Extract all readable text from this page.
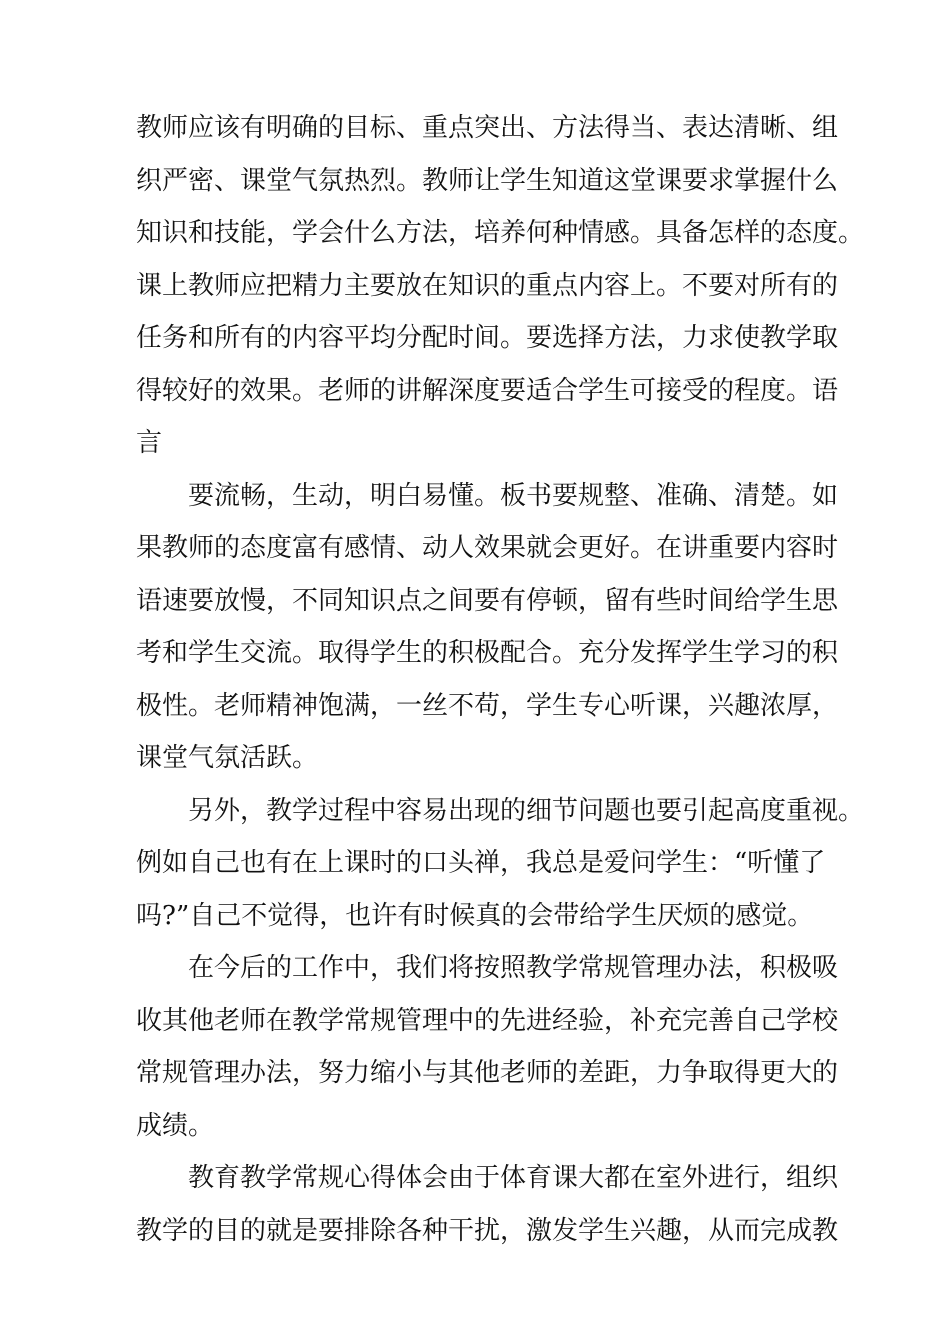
教师应该有明确的目标、重点突出、方法得当、表达清晰、组
织严密、课堂气氛热烈。教师让学生知道这堂课要求掌握什么
知识和技能，学会什么方法，培养何种情感。具备怎样的态度。
课上教师应把精力主要放在知识的重点内容上。不要对所有的
任务和所有的内容平均分配时间。要选择方法，力求使教学取
得较好的效果。老师的讲解深度要适合学生可接受的程度。语
言

要流畅，生动，明白易懂。板书要规整、准确、清楚。如
果教师的态度富有感情、动人效果就会更好。在讲重要内容时
语速要放慢，不同知识点之间要有停顿，留有些时间给学生思
考和学生交流。取得学生的积极配合。充分发挥学生学习的积
极性。老师精神饱满，一丝不苟，学生专心听课，兴趣浓厚，
课堂气氛活跃。

另外，教学过程中容易出现的细节问题也要引起高度重视。
例如自己也有在上课时的口头禅，我总是爱问学生：“听懂了
吗?”自己不觉得，也许有时候真的会带给学生厌烦的感觉。

在今后的工作中，我们将按照教学常规管理办法，积极吸
收其他老师在教学常规管理中的先进经验，补充完善自己学校
常规管理办法，努力缩小与其他老师的差距，力争取得更大的
成绩。

教育教学常规心得体会由于体育课大都在室外进行，组织
教学的目的就是要排除各种干扰，激发学生兴趣，从而完成教
